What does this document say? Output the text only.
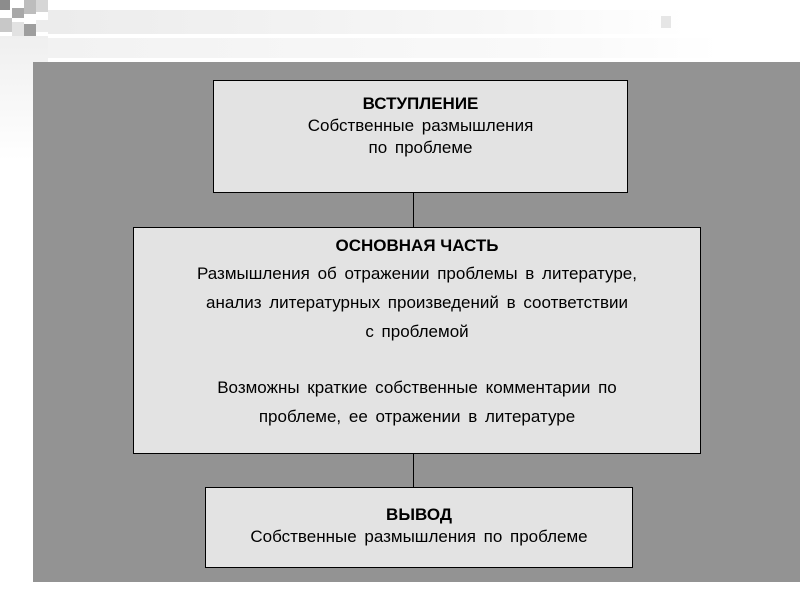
ВСТУПЛЕНИЕ
Собственные размышления
по проблеме
ОСНОВНАЯ ЧАСТЬ
Размышления об отражении проблемы в литературе,
анализ литературных произведений в соответствии
с проблемой
Возможны краткие собственные комментарии по
проблеме, ее отражении в литературе
ВЫВОД
Собственные размышления по проблеме
